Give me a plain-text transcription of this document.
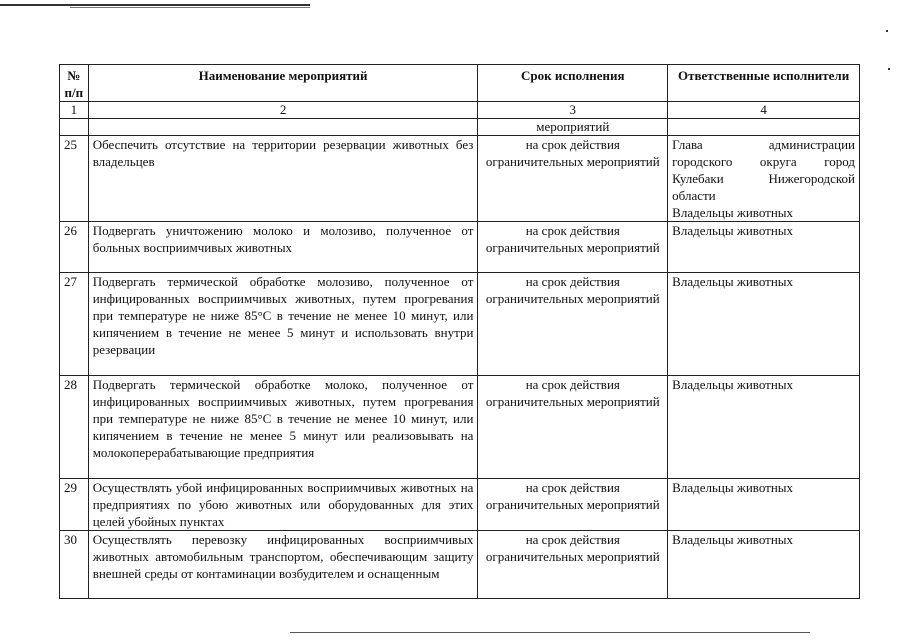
№ п/п	Наименование мероприятий	Срок исполнения	Ответственные исполнители
1	2	3	4
		мероприятий	
25	Обеспечить отсутствие на территории резервации животных без владельцев	на срок действия ограничительных мероприятий	Глава администрации городского округа город Кулебаки Нижегородской области
Владельцы животных

26	Подвергать уничтожению молоко и молозиво, полученное от больных восприимчивых животных	на срок действия ограничительных мероприятий	Владельцы животных

27	Подвергать термической обработке молозиво, полученное от инфицированных восприимчивых животных, путем прогревания при температуре не ниже 85°С в течение не менее 10 минут, или кипячением в течение не менее 5 минут и использовать внутри резервации	на срок действия ограничительных мероприятий	Владельцы животных

28	Подвергать термической обработке молоко, полученное от инфицированных восприимчивых животных, путем прогревания при температуре не ниже 85°С в течение не менее 10 минут, или кипячением в течение не менее 5 минут или реализовывать на молокоперерабатывающие предприятия	на срок действия ограничительных мероприятий	Владельцы животных

29	Осуществлять убой инфицированных восприимчивых животных на предприятиях по убою животных или оборудованных для этих целей убойных пунктах	на срок действия ограничительных мероприятий	Владельцы животных

30	Осуществлять перевозку инфицированных восприимчивых животных автомобильным транспортом, обеспечивающим защиту внешней среды от контаминации возбудителем и оснащенным	на срок действия ограничительных мероприятий	Владельцы животных
